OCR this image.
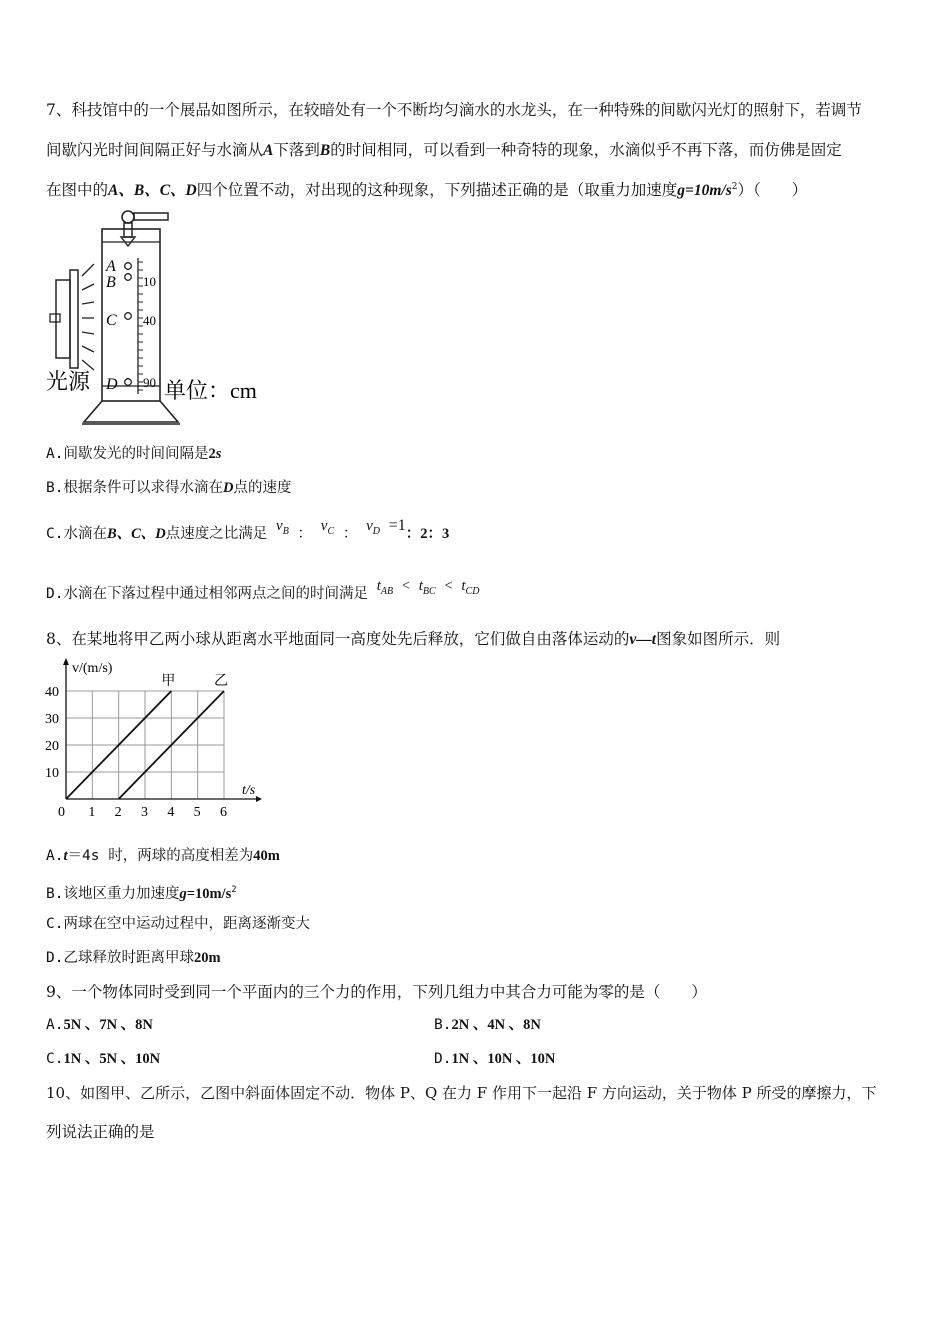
7、科技馆中的一个展品如图所示，在较暗处有一个不断均匀滴水的水龙头，在一种特殊的间歇闪光灯的照射下，若调节
间歇闪光时间间隔正好与水滴从A下落到B的时间相同，可以看到一种奇特的现象，水滴似乎不再下落，而仿佛是固定
在图中的A、B、C、D四个位置不动，对出现的这种现象，下列描述正确的是（取重力加速度$g=10m/s^2$）（　　）
10
40
90
A
B
C
D
光源	单位：cm
A.间歇发光的时间间隔是2s
B.根据条件可以求得水滴在D点的速度
C.水滴在B、C、D点速度之比满足 $v_B$ ： $v_C$ ： $v_D =1$：2：3
D.水滴在下落过程中通过相邻两点之间的时间满足 $t_{AB} < t_{BC} < t_{CD}$
8、在某地将甲乙两小球从距离水平地面同一高度处先后释放，它们做自由落体运动的v—t图象如图所示．则
甲	乙
0 1 2 3 4 5 6
10
20
30
40
v/(m/s)
t/s
A.t＝4s 时，两球的高度相差为40m
B.该地区重力加速度$g=10m/s^2$
C.两球在空中运动过程中，距离逐渐变大
D.乙球释放时距离甲球20m
9、一个物体同时受到同一个平面内的三个力的作用，下列几组力中其合力可能为零的是（　　）
A.5N 、7N 、8N	B.2N 、4N 、8N
C.1N 、5N 、10N	D.1N 、10N 、10N
10、如图甲、乙所示，乙图中斜面体固定不动．物体 P、Q 在力 F 作用下一起沿 F 方向运动，关于物体 P 所受的摩擦力，下
列说法正确的是
